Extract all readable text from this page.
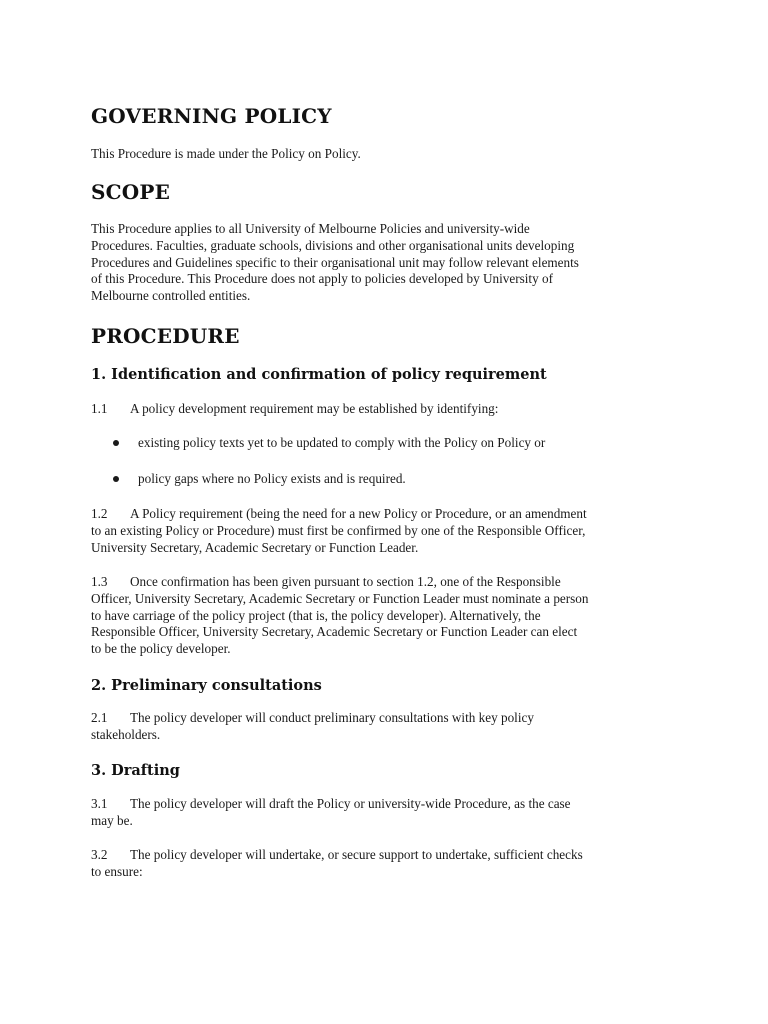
GOVERNING POLICY
This Procedure is made under the Policy on Policy.
SCOPE
This Procedure applies to all University of Melbourne Policies and university-wide
Procedures. Faculties, graduate schools, divisions and other organisational units developing
Procedures and Guidelines specific to their organisational unit may follow relevant elements
of this Procedure. This Procedure does not apply to policies developed by University of
Melbourne controlled entities.
PROCEDURE
1. Identification and confirmation of policy requirement
1.1 A policy development requirement may be established by identifying:
existing policy texts yet to be updated to comply with the Policy on Policy or
policy gaps where no Policy exists and is required.
1.2 A Policy requirement (being the need for a new Policy or Procedure, or an amendment
to an existing Policy or Procedure) must first be confirmed by one of the Responsible Officer,
University Secretary, Academic Secretary or Function Leader.
1.3 Once confirmation has been given pursuant to section 1.2, one of the Responsible
Officer, University Secretary, Academic Secretary or Function Leader must nominate a person
to have carriage of the policy project (that is, the policy developer). Alternatively, the
Responsible Officer, University Secretary, Academic Secretary or Function Leader can elect
to be the policy developer.
2. Preliminary consultations
2.1 The policy developer will conduct preliminary consultations with key policy
stakeholders.
3. Drafting
3.1 The policy developer will draft the Policy or university-wide Procedure, as the case
may be.
3.2 The policy developer will undertake, or secure support to undertake, sufficient checks
to ensure:
